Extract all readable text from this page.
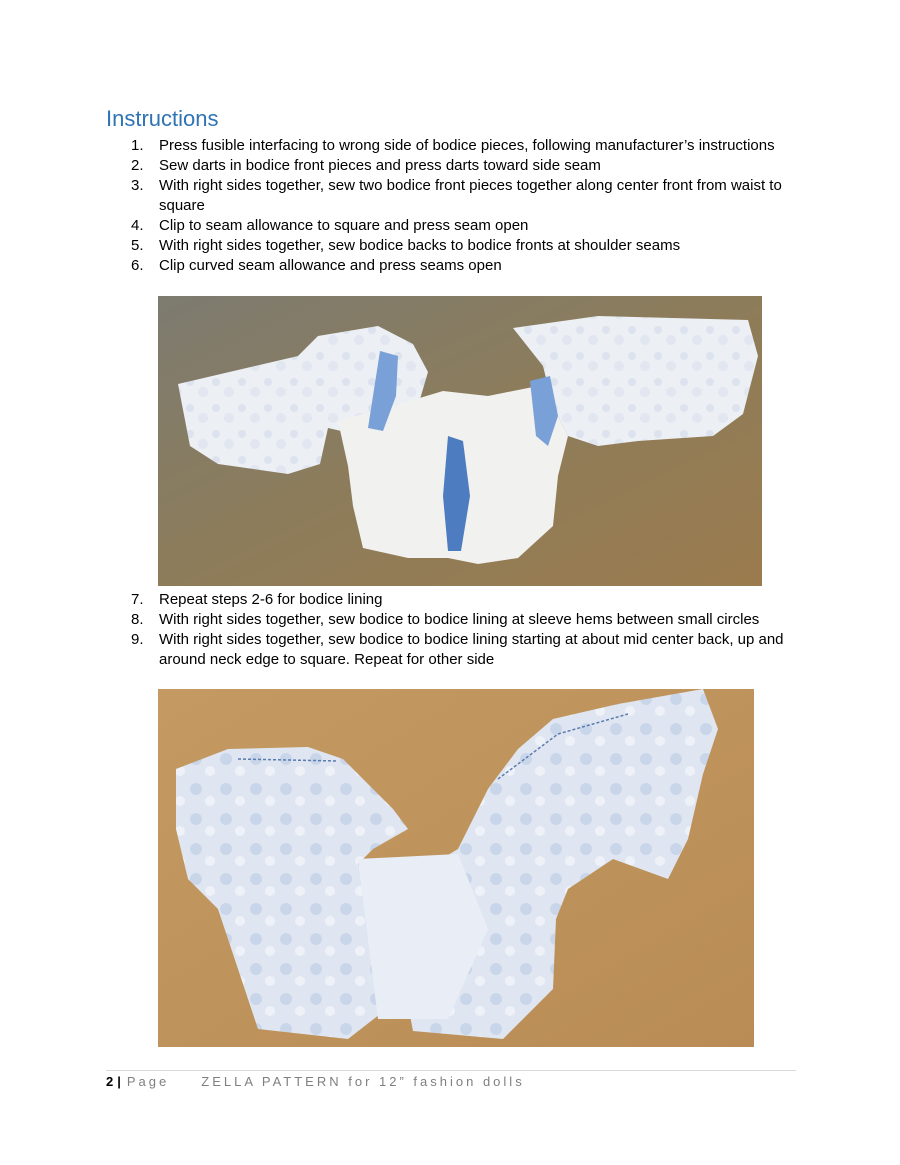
Instructions
1. Press fusible interfacing to wrong side of bodice pieces, following manufacturer’s instructions
2. Sew darts in bodice front pieces and press darts toward side seam
3. With right sides together, sew two bodice front pieces together along center front from waist to square
4. Clip to seam allowance to square and press seam open
5. With right sides together, sew bodice backs to bodice fronts at shoulder seams
6. Clip curved seam allowance and press seams open
7. Repeat steps 2-6 for bodice lining
8. With right sides together, sew bodice to bodice lining at sleeve hems between small circles
9. With right sides together, sew bodice to bodice lining starting at about mid center back, up and around neck edge to square. Repeat for other side
2 | Page ZELLA PATTERN for 12” fashion dolls
